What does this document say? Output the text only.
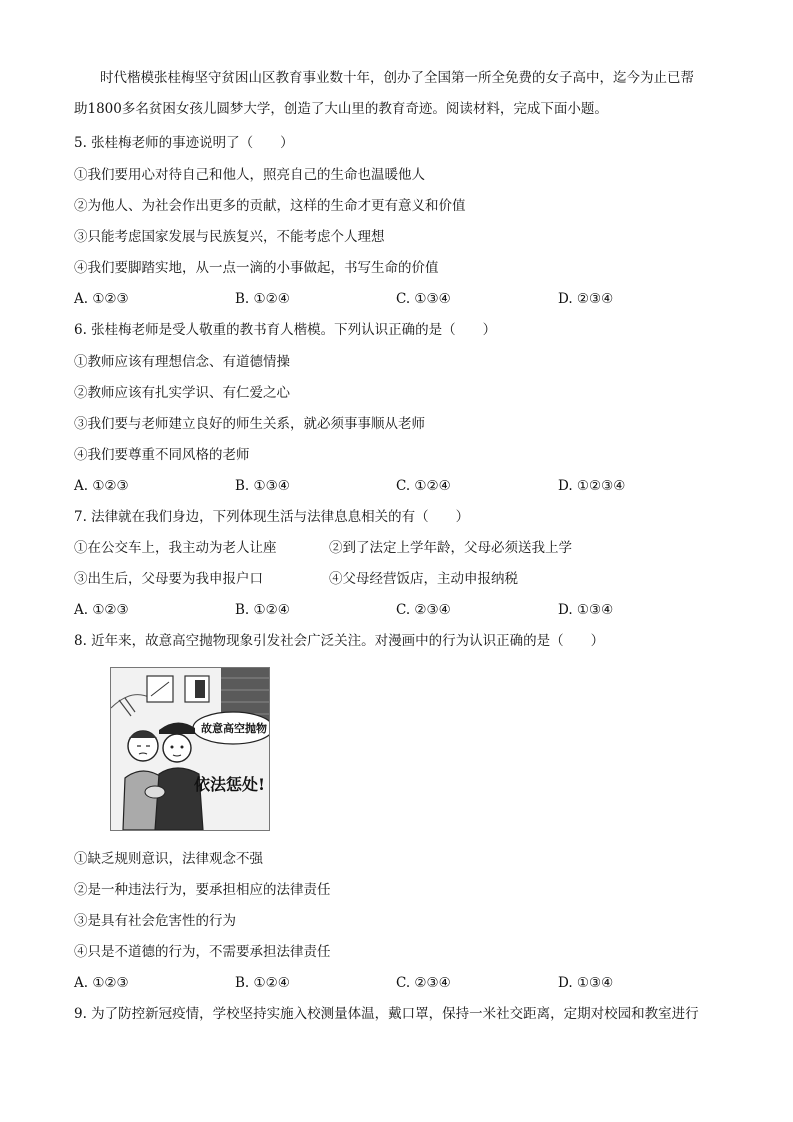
时代楷模张桂梅坚守贫困山区教育事业数十年，创办了全国第一所全免费的女子高中，迄今为止已帮
助1800多名贫困女孩儿圆梦大学，创造了大山里的教育奇迹。阅读材料，完成下面小题。
5. 张桂梅老师的事迹说明了（　　）
①我们要用心对待自己和他人，照亮自己的生命也温暖他人
②为他人、为社会作出更多的贡献，这样的生命才更有意义和价值
③只能考虑国家发展与民族复兴，不能考虑个人理想
④我们要脚踏实地，从一点一滴的小事做起，书写生命的价值
A. ①②③	B. ①②④	C. ①③④	D. ②③④
6. 张桂梅老师是受人敬重的教书育人楷模。下列认识正确的是（　　）
①教师应该有理想信念、有道德情操
②教师应该有扎实学识、有仁爱之心
③我们要与老师建立良好的师生关系，就必须事事顺从老师
④我们要尊重不同风格的老师
A. ①②③	B. ①③④	C. ①②④	D. ①②③④
7. 法律就在我们身边，下列体现生活与法律息息相关的有（　　）
①在公交车上，我主动为老人让座	②到了法定上学年龄，父母必须送我上学
③出生后，父母要为我申报户口	④父母经营饭店，主动申报纳税
A. ①②③	B. ①②④	C. ②③④	D. ①③④
8. 近年来，故意高空抛物现象引发社会广泛关注。对漫画中的行为认识正确的是（　　）
故意高空抛物
依法惩处!
①缺乏规则意识，法律观念不强
②是一种违法行为，要承担相应的法律责任
③是具有社会危害性的行为
④只是不道德的行为，不需要承担法律责任
A. ①②③	B. ①②④	C. ②③④	D. ①③④
9. 为了防控新冠疫情，学校坚持实施入校测量体温，戴口罩，保持一米社交距离，定期对校园和教室进行
